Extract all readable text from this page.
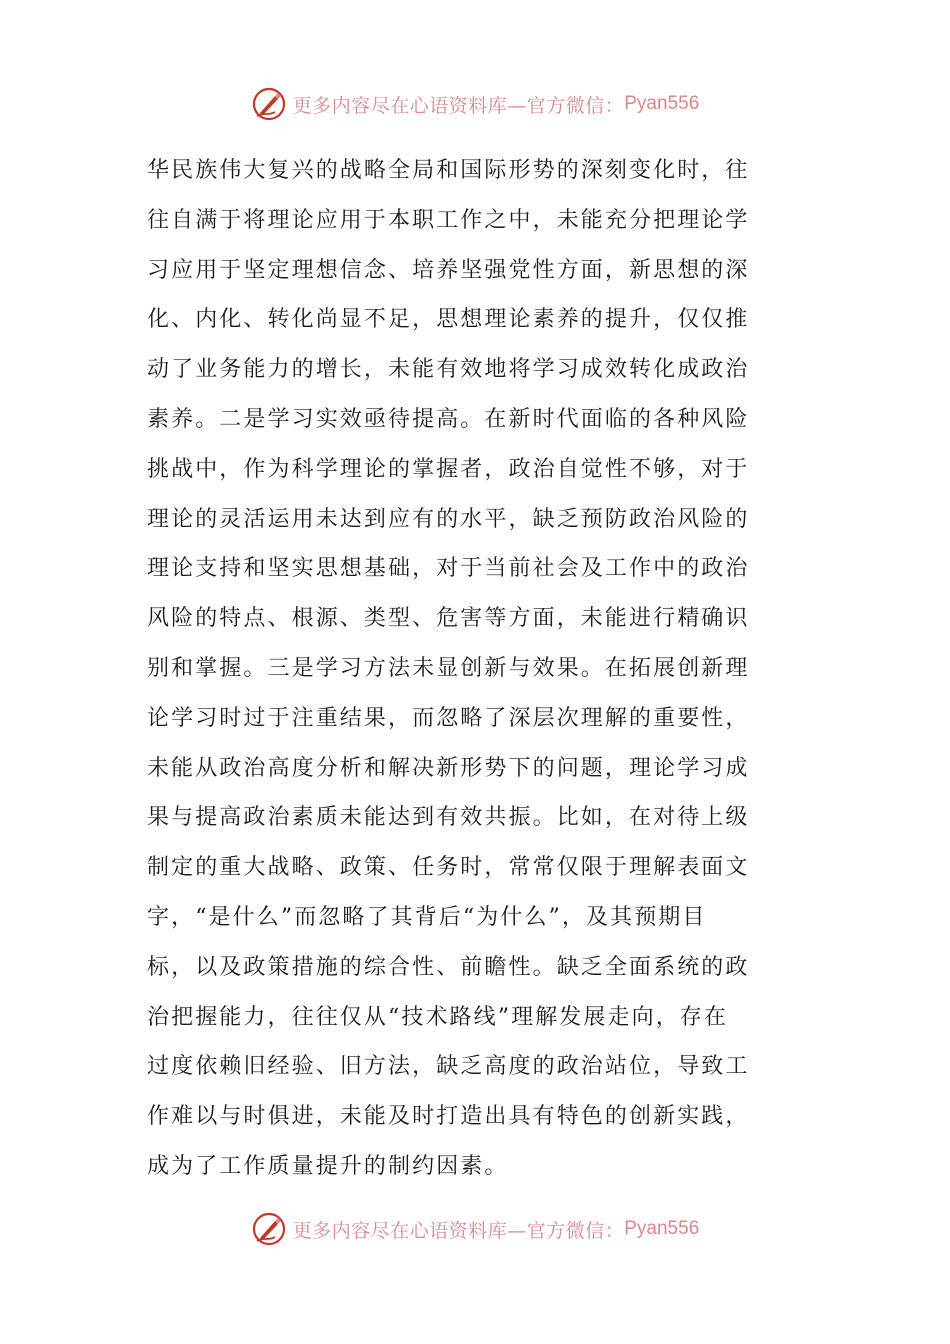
更多内容尽在心语资料库—官方微信： Pyan556
华民族伟大复兴的战略全局和国际形势的深刻变化时，往
往自满于将理论应用于本职工作之中，未能充分把理论学
习应用于坚定理想信念、培养坚强党性方面，新思想的深
化、内化、转化尚显不足，思想理论素养的提升，仅仅推
动了业务能力的增长，未能有效地将学习成效转化成政治
素养。二是学习实效亟待提高。在新时代面临的各种风险
挑战中，作为科学理论的掌握者，政治自觉性不够，对于
理论的灵活运用未达到应有的水平，缺乏预防政治风险的
理论支持和坚实思想基础，对于当前社会及工作中的政治
风险的特点、根源、类型、危害等方面，未能进行精确识
别和掌握。三是学习方法未显创新与效果。在拓展创新理
论学习时过于注重结果，而忽略了深层次理解的重要性，
未能从政治高度分析和解决新形势下的问题，理论学习成
果与提高政治素质未能达到有效共振。比如，在对待上级
制定的重大战略、政策、任务时，常常仅限于理解表面文
字，“是什么”而忽略了其背后“为什么”，及其预期目
标，以及政策措施的综合性、前瞻性。缺乏全面系统的政
治把握能力，往往仅从“技术路线”理解发展走向，存在
过度依赖旧经验、旧方法，缺乏高度的政治站位，导致工
作难以与时俱进，未能及时打造出具有特色的创新实践，
成为了工作质量提升的制约因素。
更多内容尽在心语资料库—官方微信： Pyan556
